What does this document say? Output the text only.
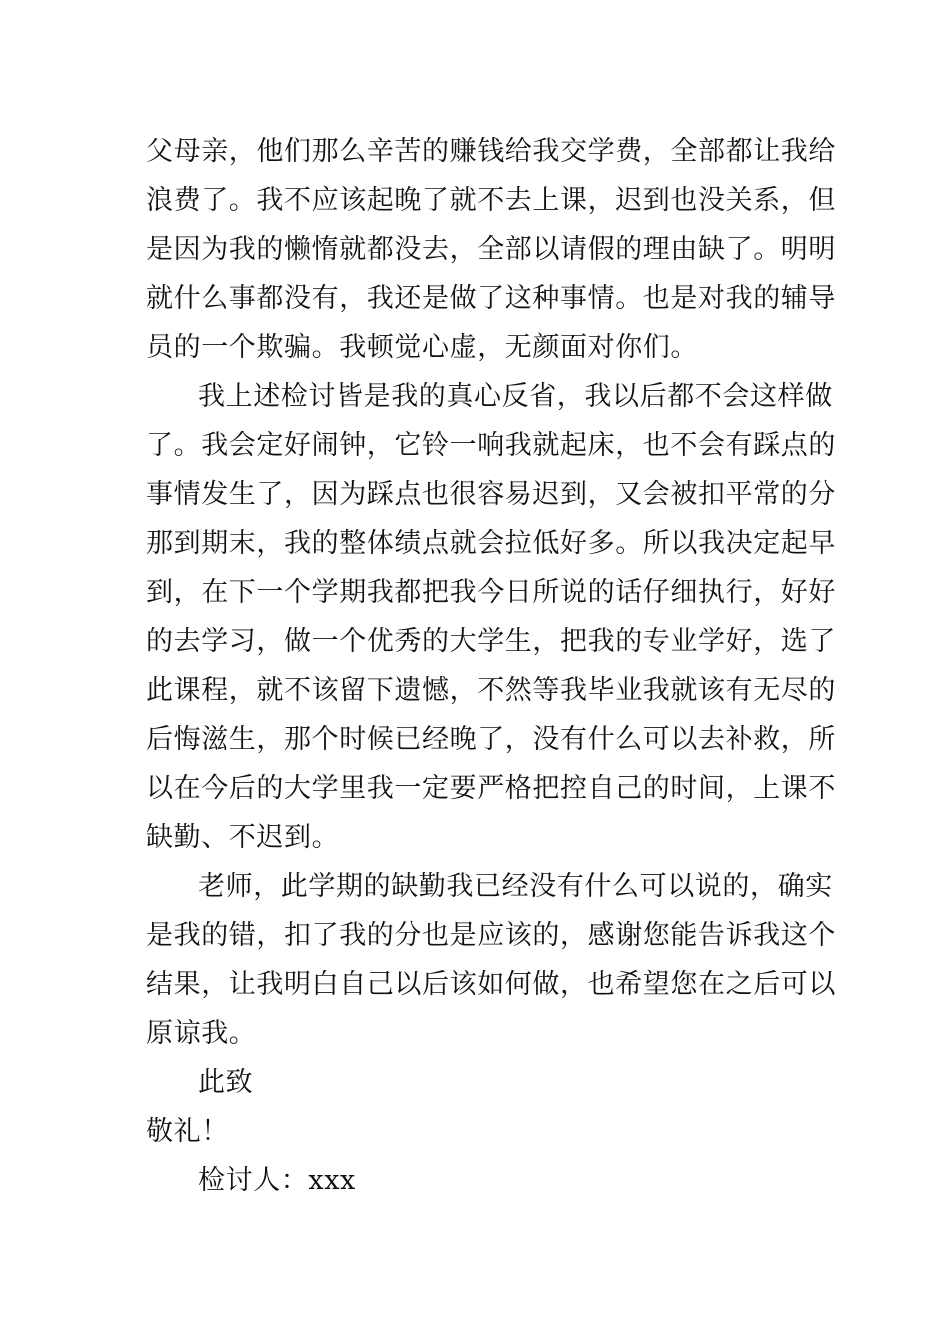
父母亲，他们那么辛苦的赚钱给我交学费，全部都让我给
浪费了。我不应该起晚了就不去上课，迟到也没关系，但
是因为我的懒惰就都没去，全部以请假的理由缺了。明明
就什么事都没有，我还是做了这种事情。也是对我的辅导
员的一个欺骗。我顿觉心虚，无颜面对你们。
我上述检讨皆是我的真心反省，我以后都不会这样做
了。我会定好闹钟，它铃一响我就起床，也不会有踩点的
事情发生了，因为踩点也很容易迟到，又会被扣平常的分
那到期末，我的整体绩点就会拉低好多。所以我决定起早
到，在下一个学期我都把我今日所说的话仔细执行，好好
的去学习，做一个优秀的大学生，把我的专业学好，选了
此课程，就不该留下遗憾，不然等我毕业我就该有无尽的
后悔滋生，那个时候已经晚了，没有什么可以去补救，所
以在今后的大学里我一定要严格把控自己的时间，上课不
缺勤、不迟到。
老师，此学期的缺勤我已经没有什么可以说的，确实
是我的错，扣了我的分也是应该的，感谢您能告诉我这个
结果，让我明白自己以后该如何做，也希望您在之后可以
原谅我。
此致
敬礼！
检讨人：xxx
